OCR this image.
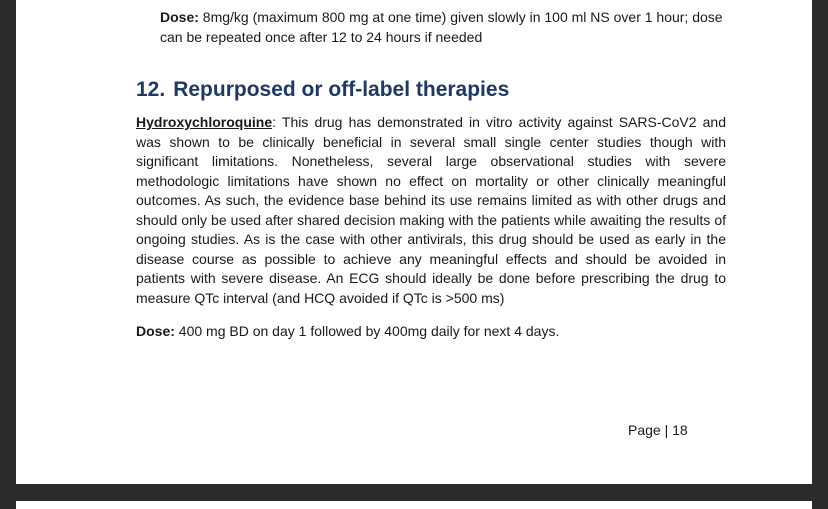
Dose: 8mg/kg (maximum 800 mg at one time) given slowly in 100 ml NS over 1 hour; dose can be repeated once after 12 to 24 hours if needed

12. Repurposed or off-label therapies

Hydroxychloroquine: This drug has demonstrated in vitro activity against SARS-CoV2 and was shown to be clinically beneficial in several small single center studies though with significant limitations. Nonetheless, several large observational studies with severe methodologic limitations have shown no effect on mortality or other clinically meaningful outcomes. As such, the evidence base behind its use remains limited as with other drugs and should only be used after shared decision making with the patients while awaiting the results of ongoing studies. As is the case with other antivirals, this drug should be used as early in the disease course as possible to achieve any meaningful effects and should be avoided in patients with severe disease. An ECG should ideally be done before prescribing the drug to measure QTc interval (and HCQ avoided if QTc is >500 ms)

Dose: 400 mg BD on day 1 followed by 400mg daily for next 4 days.

Page | 18
